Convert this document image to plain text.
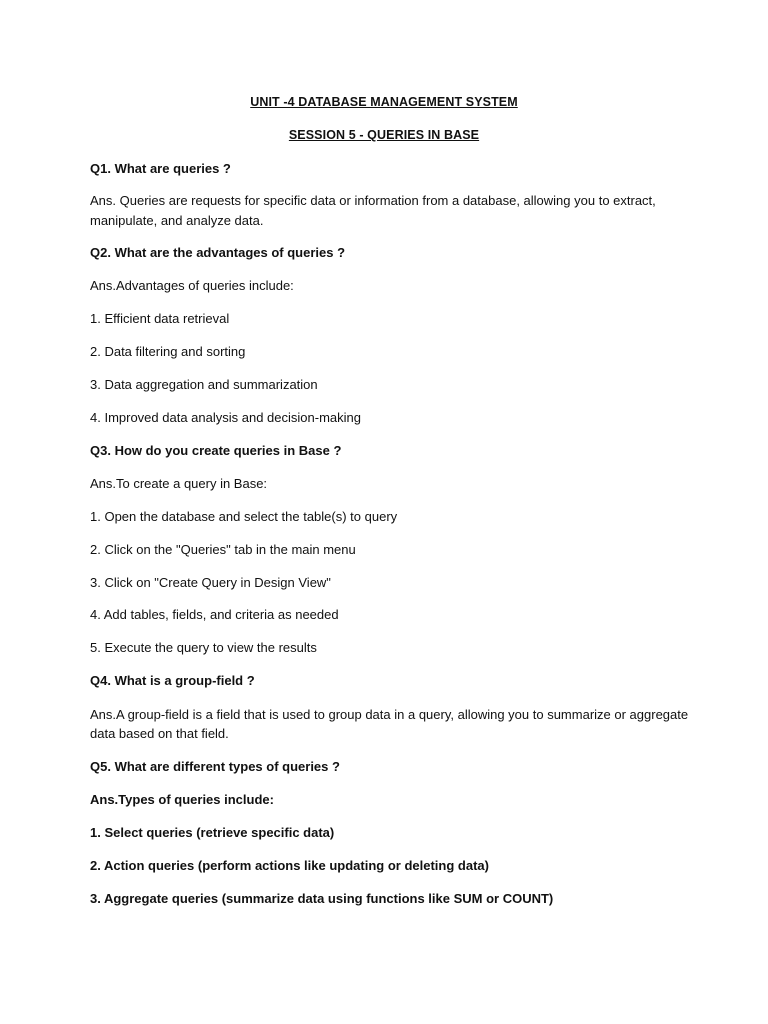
UNIT -4 DATABASE MANAGEMENT SYSTEM
SESSION 5 - QUERIES IN BASE
Q1. What are queries ?
Ans. Queries are requests for specific data or information from a database, allowing you to extract,
manipulate, and analyze data.
Q2. What are the advantages of queries ?
Ans.Advantages of queries include:
1. Efficient data retrieval
2. Data filtering and sorting
3. Data aggregation and summarization
4. Improved data analysis and decision-making
Q3. How do you create queries in Base ?
Ans.To create a query in Base:
1. Open the database and select the table(s) to query
2. Click on the "Queries" tab in the main menu
3. Click on "Create Query in Design View"
4. Add tables, fields, and criteria as needed
5. Execute the query to view the results
Q4. What is a group-field ?
Ans.A group-field is a field that is used to group data in a query, allowing you to summarize or aggregate
data based on that field.
Q5. What are different types of queries ?
Ans.Types of queries include:
1. Select queries (retrieve specific data)
2. Action queries (perform actions like updating or deleting data)
3. Aggregate queries (summarize data using functions like SUM or COUNT)
